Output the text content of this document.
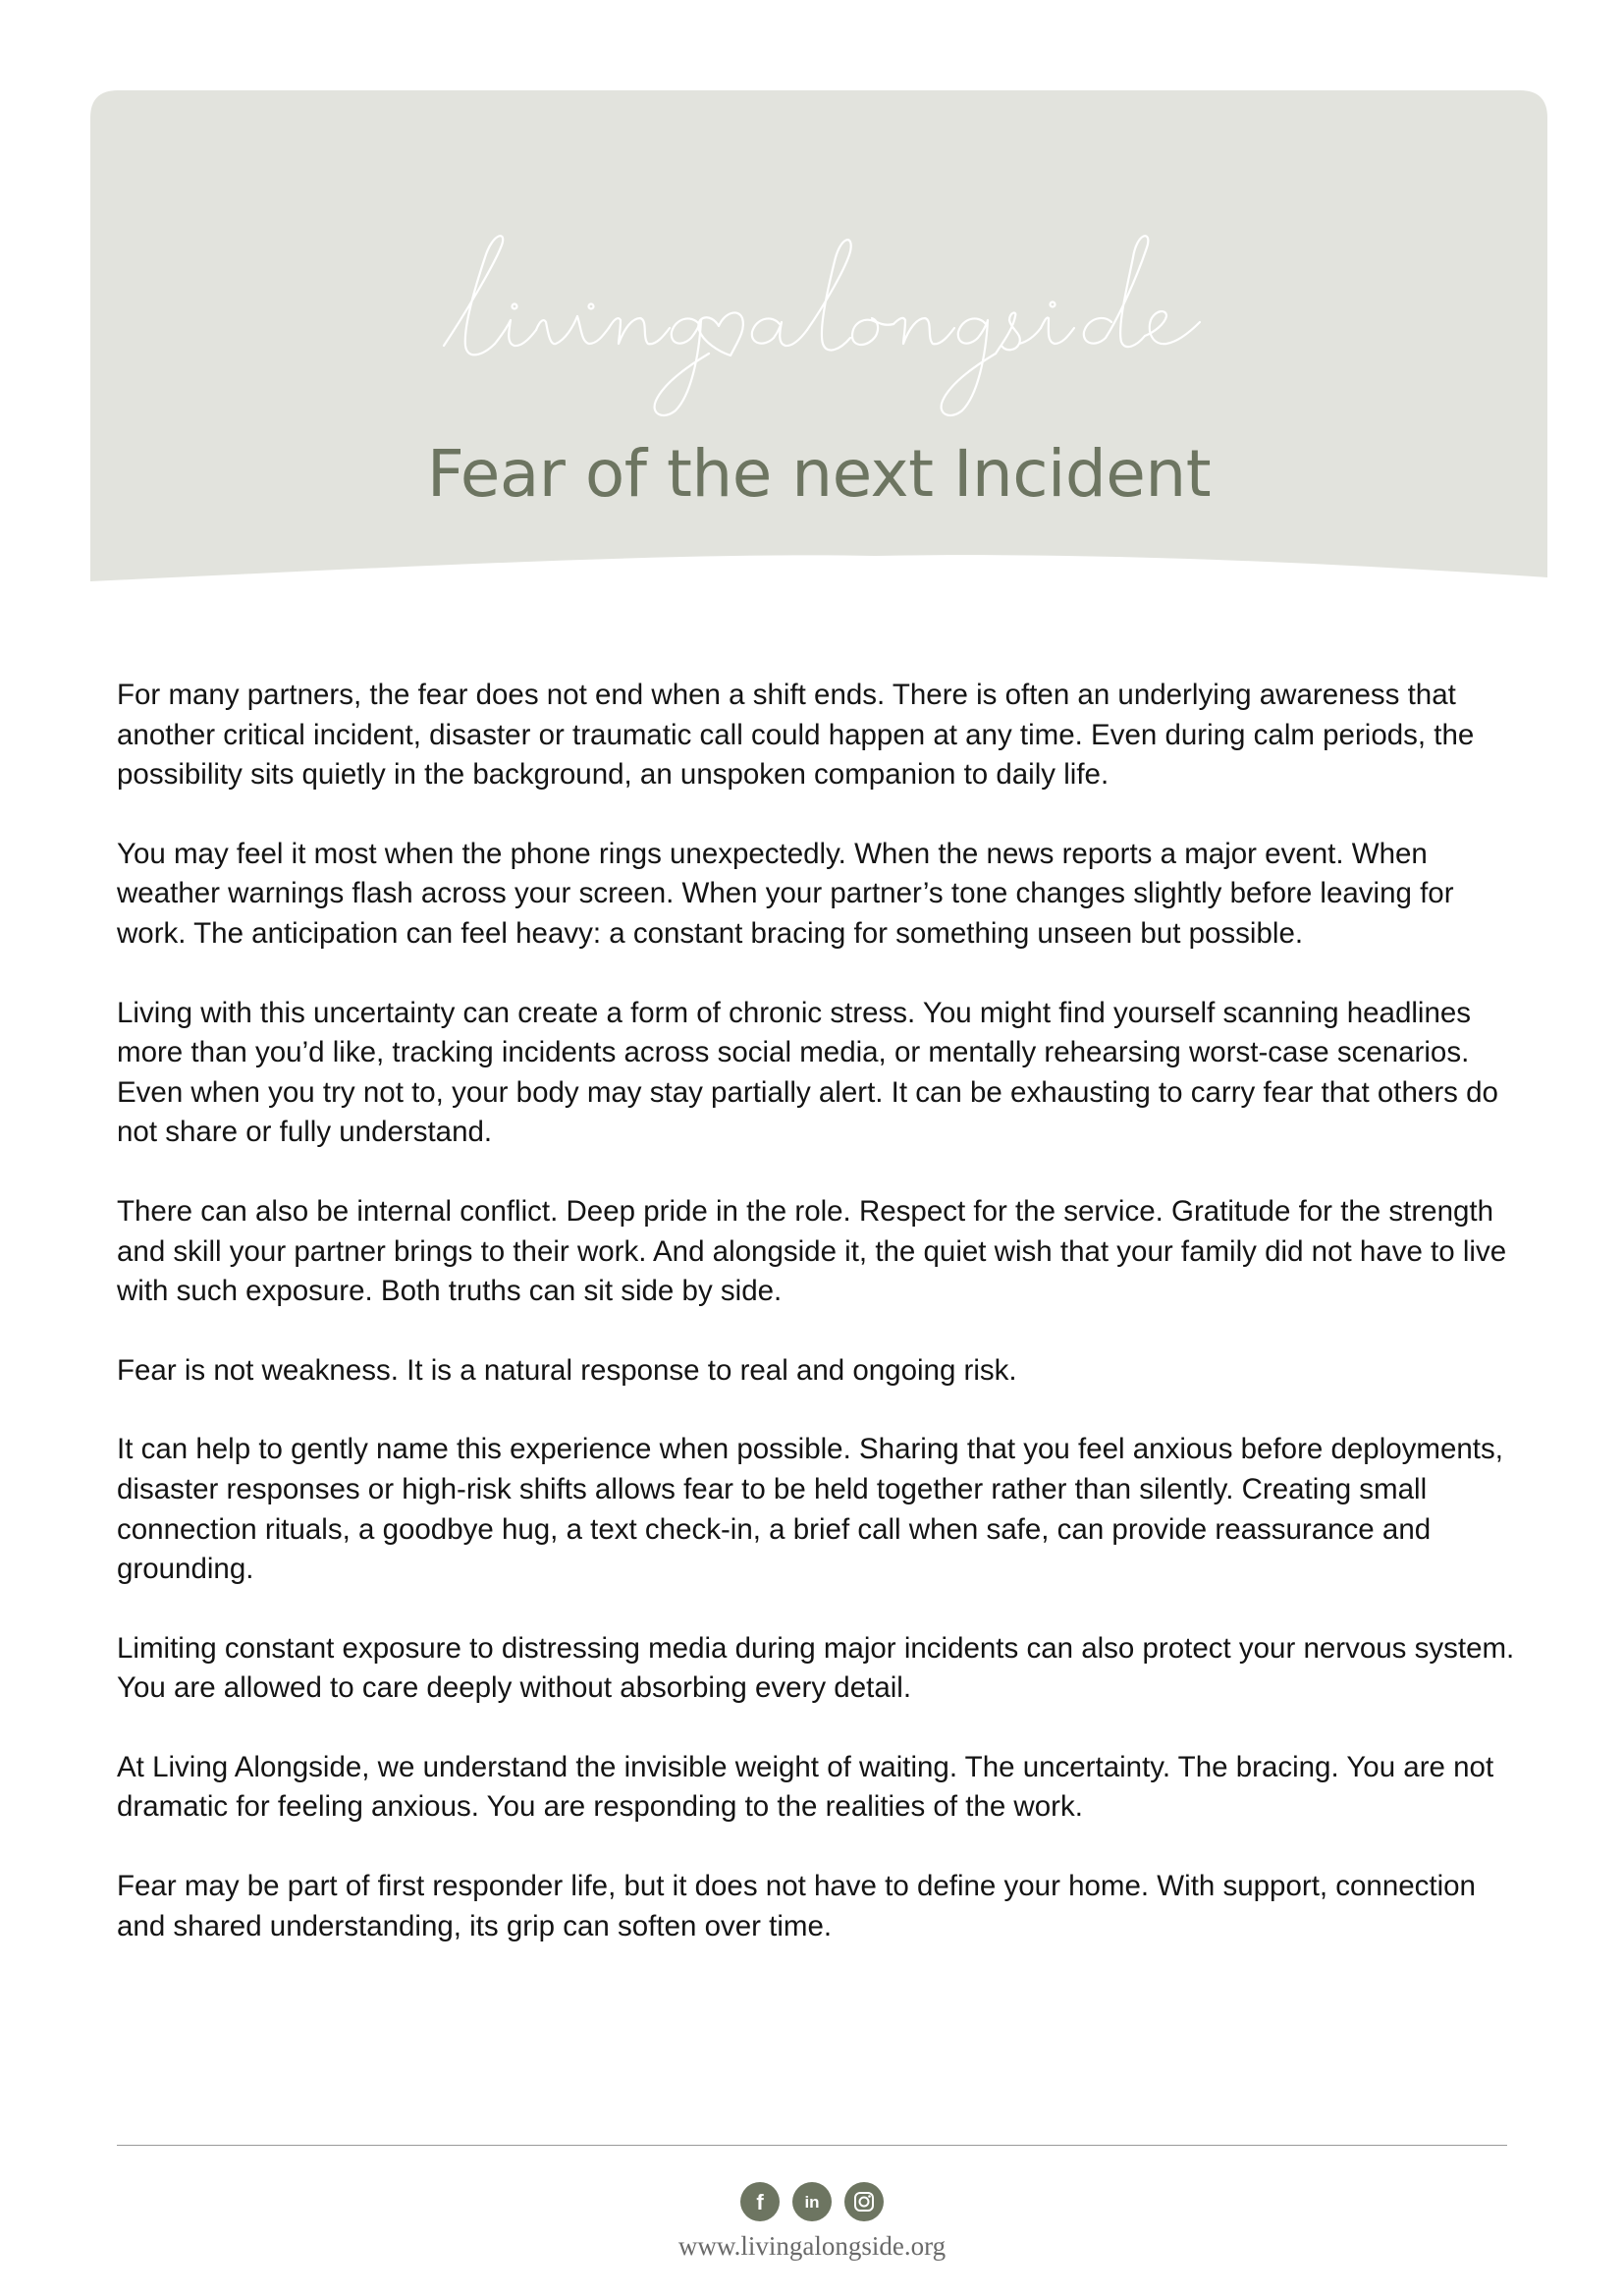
Fear of the next Incident

For many partners, the fear does not end when a shift ends. There is often an underlying awareness that another critical incident, disaster or traumatic call could happen at any time. Even during calm periods, the possibility sits quietly in the background, an unspoken companion to daily life.

You may feel it most when the phone rings unexpectedly. When the news reports a major event. When weather warnings flash across your screen. When your partner’s tone changes slightly before leaving for work. The anticipation can feel heavy: a constant bracing for something unseen but possible.

Living with this uncertainty can create a form of chronic stress. You might find yourself scanning headlines more than you’d like, tracking incidents across social media, or mentally rehearsing worst-case scenarios. Even when you try not to, your body may stay partially alert. It can be exhausting to carry fear that others do not share or fully understand.

There can also be internal conflict. Deep pride in the role. Respect for the service. Gratitude for the strength and skill your partner brings to their work. And alongside it, the quiet wish that your family did not have to live with such exposure. Both truths can sit side by side.

Fear is not weakness. It is a natural response to real and ongoing risk.

It can help to gently name this experience when possible. Sharing that you feel anxious before deployments, disaster responses or high-risk shifts allows fear to be held together rather than silently. Creating small connection rituals, a goodbye hug, a text check-in, a brief call when safe, can provide reassurance and grounding.

Limiting constant exposure to distressing media during major incidents can also protect your nervous system. You are allowed to care deeply without absorbing every detail.

At Living Alongside, we understand the invisible weight of waiting. The uncertainty. The bracing. You are not dramatic for feeling anxious. You are responding to the realities of the work.

Fear may be part of first responder life, but it does not have to define your home. With support, connection and shared understanding, its grip can soften over time.

f in
www.livingalongside.org
